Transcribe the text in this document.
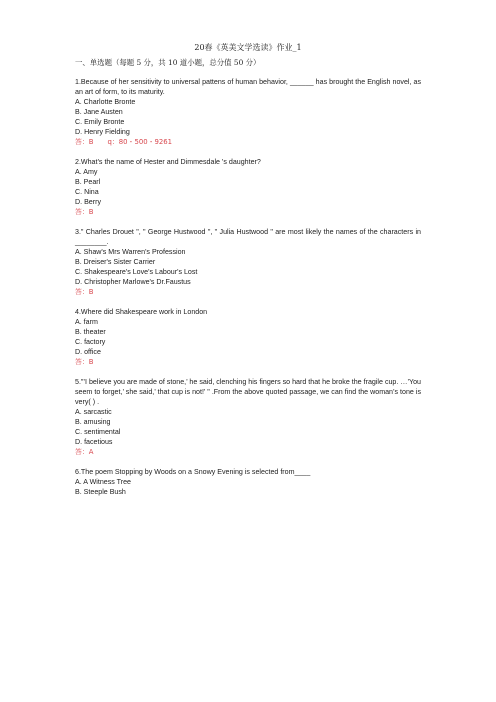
20春《英美文学选读》作业_1
一、单选题（每题 5 分，共 10 道小题，总分值 50 分）
1.Because of her sensitivity to universal pattens of human behavior, ______ has brought the English novel, as an art of form, to its maturity.
A. Charlotte Bronte
B. Jane Austen
C. Emily Bronte
D. Henry Fielding
答：B q：80・500・9261
2.What’s the name of Hester and Dimmesdale ’s daughter?
A. Amy
B. Pearl
C. Nina
D. Berry
答：B
3." Charles Drouet ", " George Hustwood ", " Julia Hustwood " are most likely the names of the characters in ________.
A. Shaw's Mrs Warren's Profession
B. Dreiser's Sister Carrier
C. Shakespeare's Love's Labour's Lost
D. Christopher Marlowe's Dr.Faustus
答：B
4.Where did Shakespeare work in London
A. farm
B. theater
C. factory
D. office
答：B
5."’I believe you are made of stone,’ he said, clenching his fingers so hard that he broke the fragile cup. …’You seem to forget,’ she said,’ that cup is not!’ " .From the above quoted passage, we can find the woman’s tone is very( ) .
A. sarcastic
B. amusing
C. sentimental
D. facetious
答：A
6.The poem Stopping by Woods on a Snowy Evening is selected from____
A. A Witness Tree
B. Steeple Bush
